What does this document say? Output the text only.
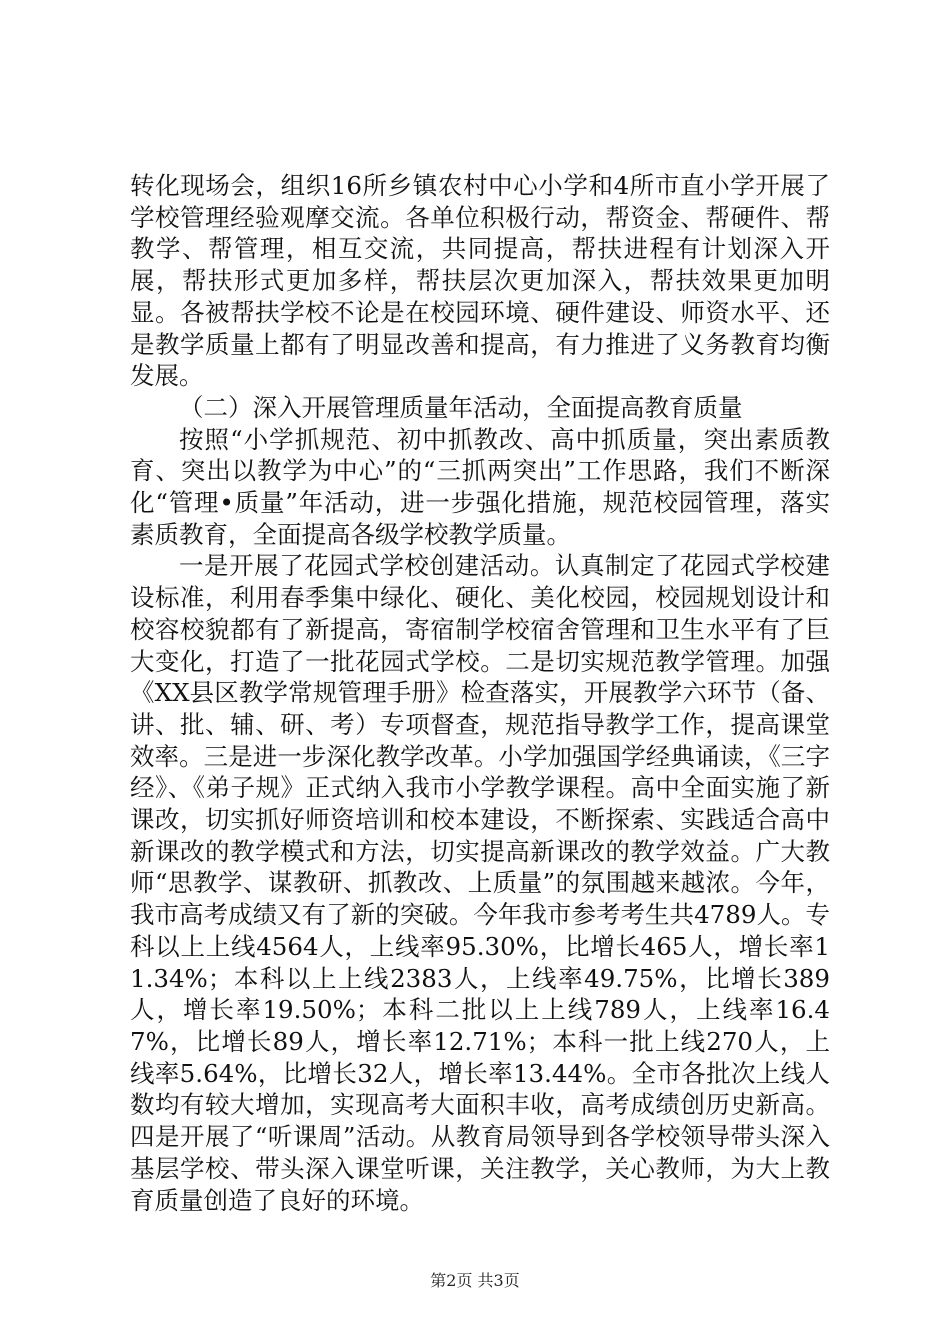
转化现场会，组织16所乡镇农村中心小学和4所市直小学开展了学校管理经验观摩交流。各单位积极行动，帮资金、帮硬件、帮教学、帮管理，相互交流，共同提高，帮扶进程有计划深入开展，帮扶形式更加多样，帮扶层次更加深入，帮扶效果更加明显。各被帮扶学校不论是在校园环境、硬件建设、师资水平、还是教学质量上都有了明显改善和提高，有力推进了义务教育均衡发展。

（二）深入开展管理质量年活动，全面提高教育质量

按照“小学抓规范、初中抓教改、高中抓质量，突出素质教育、突出以教学为中心”的“三抓两突出”工作思路，我们不断深化“管理•质量”年活动，进一步强化措施，规范校园管理，落实素质教育，全面提高各级学校教学质量。

一是开展了花园式学校创建活动。认真制定了花园式学校建设标准，利用春季集中绿化、硬化、美化校园，校园规划设计和校容校貌都有了新提高，寄宿制学校宿舍管理和卫生水平有了巨大变化，打造了一批花园式学校。二是切实规范教学管理。加强《XX县区教学常规管理手册》检查落实，开展教学六环节（备、讲、批、辅、研、考）专项督查，规范指导教学工作，提高课堂效率。三是进一步深化教学改革。小学加强国学经典诵读，《三字经》、《弟子规》正式纳入我市小学教学课程。高中全面实施了新课改，切实抓好师资培训和校本建设，不断探索、实践适合高中新课改的教学模式和方法，切实提高新课改的教学效益。广大教师“思教学、谋教研、抓教改、上质量”的氛围越来越浓。今年，我市高考成绩又有了新的突破。今年我市参考考生共4789人。专科以上上线4564人，上线率95.30%，比增长465人，增长率11.34%；本科以上上线2383人，上线率49.75%，比增长389人，增长率19.50%；本科二批以上上线789人，上线率16.47%，比增长89人，增长率12.71%；本科一批上线270人，上线率5.64%，比增长32人，增长率13.44%。全市各批次上线人数均有较大增加，实现高考大面积丰收，高考成绩创历史新高。四是开展了“听课周”活动。从教育局领导到各学校领导带头深入基层学校、带头深入课堂听课，关注教学，关心教师，为大上教育质量创造了良好的环境。

第2页 共3页
